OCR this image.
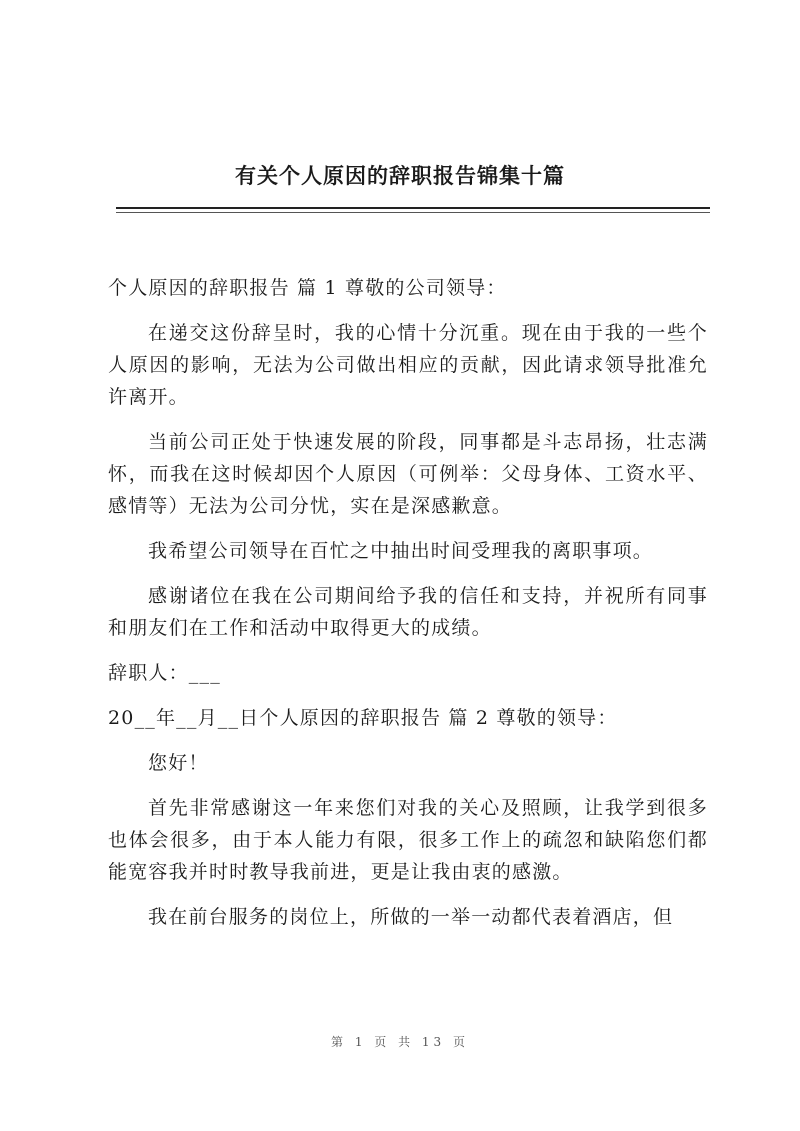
有关个人原因的辞职报告锦集十篇

个人原因的辞职报告 篇 1 尊敬的公司领导：

在递交这份辞呈时，我的心情十分沉重。现在由于我的一些个人原因的影响，无法为公司做出相应的贡献，因此请求领导批准允许离开。

当前公司正处于快速发展的阶段，同事都是斗志昂扬，壮志满怀，而我在这时候却因个人原因（可例举：父母身体、工资水平、感情等）无法为公司分忧，实在是深感歉意。

我希望公司领导在百忙之中抽出时间受理我的离职事项。

感谢诸位在我在公司期间给予我的信任和支持，并祝所有同事和朋友们在工作和活动中取得更大的成绩。

辞职人：___

20__年__月__日个人原因的辞职报告 篇 2 尊敬的领导：

您好！

首先非常感谢这一年来您们对我的关心及照顾，让我学到很多也体会很多，由于本人能力有限，很多工作上的疏忽和缺陷您们都能宽容我并时时教导我前进，更是让我由衷的感激。

我在前台服务的岗位上，所做的一举一动都代表着酒店，但

第 1 页 共 13 页
